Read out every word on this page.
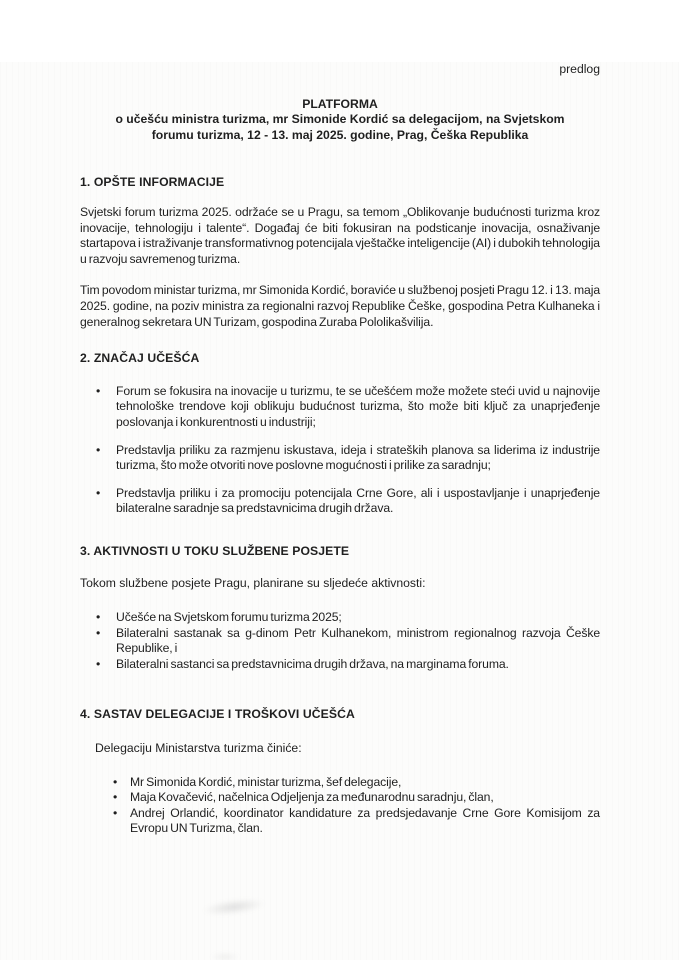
predlog
PLATFORMA
o učešću ministra turizma, mr Simonide Kordić sa delegacijom, na Svjetskom
forumu turizma, 12 - 13. maj 2025. godine, Prag, Češka Republika
1. OPŠTE INFORMACIJE

Svjetski forum turizma 2025. održaće se u Pragu, sa temom „Oblikovanje budućnosti turizma kroz inovacije, tehnologiju i talente“. Događaj će biti fokusiran na podsticanje inovacija, osnaživanje startapova i istraživanje transformativnog potencijala vještačke inteligencije (AI) i dubokih tehnologija u razvoju savremenog turizma.

Tim povodom ministar turizma, mr Simonida Kordić, boraviće u službenoj posjeti Pragu 12. i 13. maja 2025. godine, na poziv ministra za regionalni razvoj Republike Češke, gospodina Petra Kulhaneka i generalnog sekretara UN Turizam, gospodina Zuraba Pololikašvilija.

2. ZNAČAJ UČEŠĆA
• Forum se fokusira na inovacije u turizmu, te se učešćem može možete steći uvid u najnovije tehnološke trendove koji oblikuju budućnost turizma, što može biti ključ za unaprjeđenje poslovanja i konkurentnosti u industriji;
• Predstavlja priliku za razmjenu iskustava, ideja i strateških planova sa liderima iz industrije turizma, što može otvoriti nove poslovne mogućnosti i prilike za saradnju;
• Predstavlja priliku i za promociju potencijala Crne Gore, ali i uspostavljanje i unaprjeđenje bilateralne saradnje sa predstavnicima drugih država.
3. AKTIVNOSTI U TOKU SLUŽBENE POSJETE

Tokom službene posjete Pragu, planirane su sljedeće aktivnosti:

• Učešće na Svjetskom forumu turizma 2025;
• Bilateralni sastanak sa g-dinom Petr Kulhanekom, ministrom regionalnog razvoja Češke Republike, i
• Bilateralni sastanci sa predstavnicima drugih država, na marginama foruma.
4. SASTAV DELEGACIJE I TROŠKOVI UČEŠĆA

Delegaciju Ministarstva turizma činiće:

• Mr Simonida Kordić, ministar turizma, šef delegacije,
• Maja Kovačević, načelnica Odjeljenja za međunarodnu saradnju, član,
• Andrej Orlandić, koordinator kandidature za predsjedavanje Crne Gore Komisijom za Evropu UN Turizma, član.
